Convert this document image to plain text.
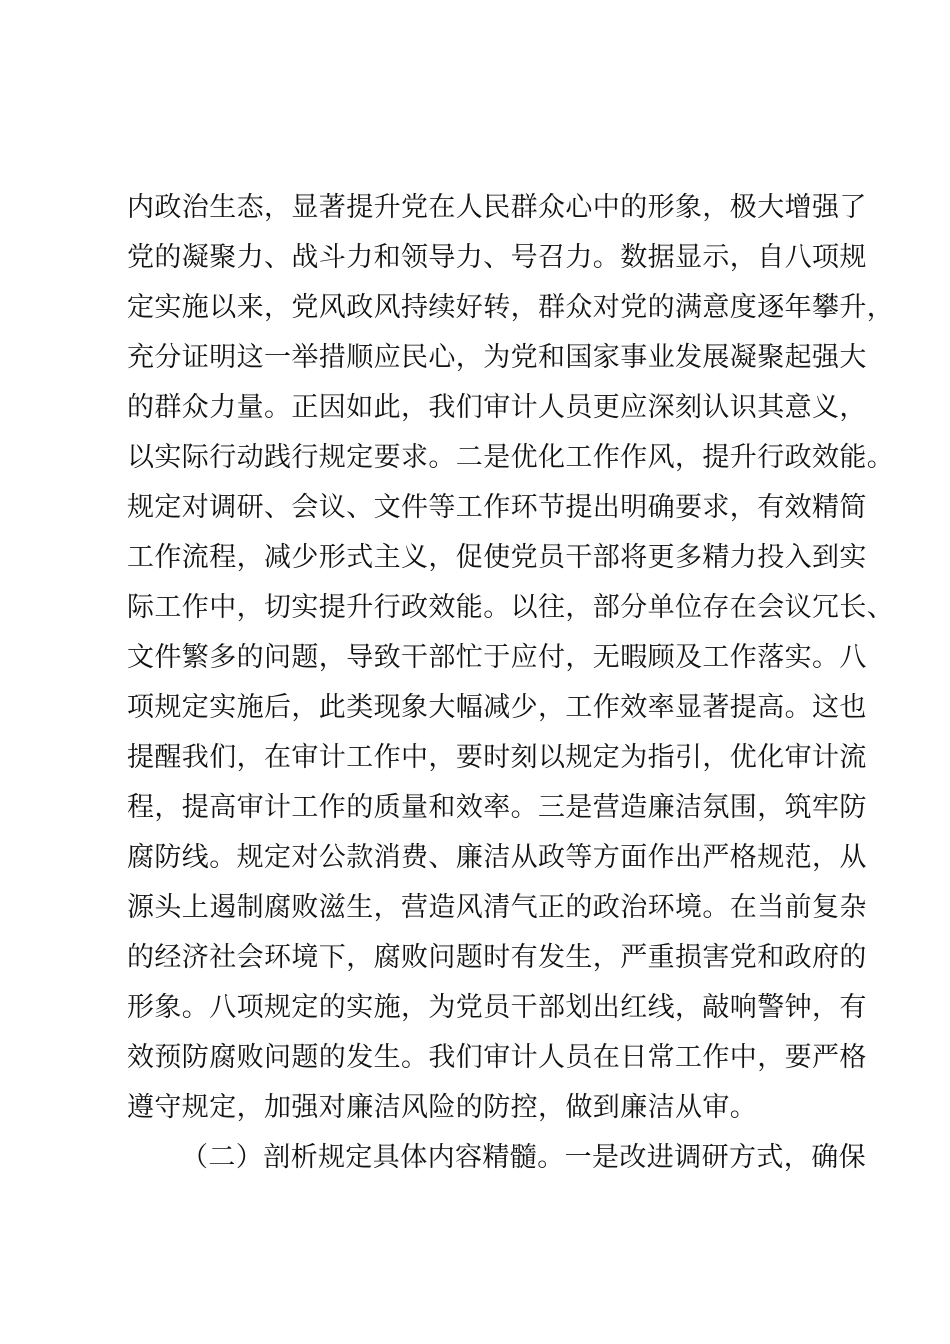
内政治生态，显著提升党在人民群众心中的形象，极大增强了
党的凝聚力、战斗力和领导力、号召力。数据显示，自八项规
定实施以来，党风政风持续好转，群众对党的满意度逐年攀升，
充分证明这一举措顺应民心，为党和国家事业发展凝聚起强大
的群众力量。正因如此，我们审计人员更应深刻认识其意义，
以实际行动践行规定要求。二是优化工作作风，提升行政效能。
规定对调研、会议、文件等工作环节提出明确要求，有效精简
工作流程，减少形式主义，促使党员干部将更多精力投入到实
际工作中，切实提升行政效能。以往，部分单位存在会议冗长、
文件繁多的问题，导致干部忙于应付，无暇顾及工作落实。八
项规定实施后，此类现象大幅减少，工作效率显著提高。这也
提醒我们，在审计工作中，要时刻以规定为指引，优化审计流
程，提高审计工作的质量和效率。三是营造廉洁氛围，筑牢防
腐防线。规定对公款消费、廉洁从政等方面作出严格规范，从
源头上遏制腐败滋生，营造风清气正的政治环境。在当前复杂
的经济社会环境下，腐败问题时有发生，严重损害党和政府的
形象。八项规定的实施，为党员干部划出红线，敲响警钟，有
效预防腐败问题的发生。我们审计人员在日常工作中，要严格
遵守规定，加强对廉洁风险的防控，做到廉洁从审。
（二）剖析规定具体内容精髓。一是改进调研方式，确保
